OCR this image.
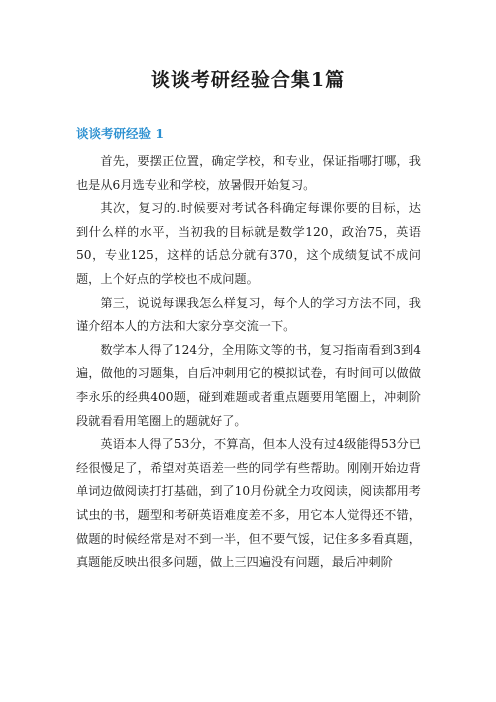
谈谈考研经验合集1篇
谈谈考研经验 1

首先，要摆正位置，确定学校，和专业，保证指哪打哪，我也是从6月选专业和学校，放暑假开始复习。

其次，复习的.时候要对考试各科确定每课你要的目标，达到什么样的水平，当初我的目标就是数学120，政治75，英语50，专业125，这样的话总分就有370，这个成绩复试不成问题，上个好点的学校也不成问题。

第三，说说每课我怎么样复习，每个人的学习方法不同，我谨介绍本人的方法和大家分享交流一下。

数学本人得了124分，全用陈文等的书，复习指南看到3到4遍，做他的习题集，自后冲刺用它的模拟试卷，有时间可以做做李永乐的经典400题，碰到难题或者重点题要用笔圈上，冲刺阶段就看看用笔圈上的题就好了。

英语本人得了53分，不算高，但本人没有过4级能得53分已经很慢足了，希望对英语差一些的同学有些帮助。刚刚开始边背单词边做阅读打打基础，到了10月份就全力攻阅读，阅读都用考试虫的书，题型和考研英语难度差不多，用它本人觉得还不错，做题的时候经常是对不到一半，但不要气馁，记住多多看真题，真题能反映出很多问题，做上三四遍没有问题，最后冲刺阶
